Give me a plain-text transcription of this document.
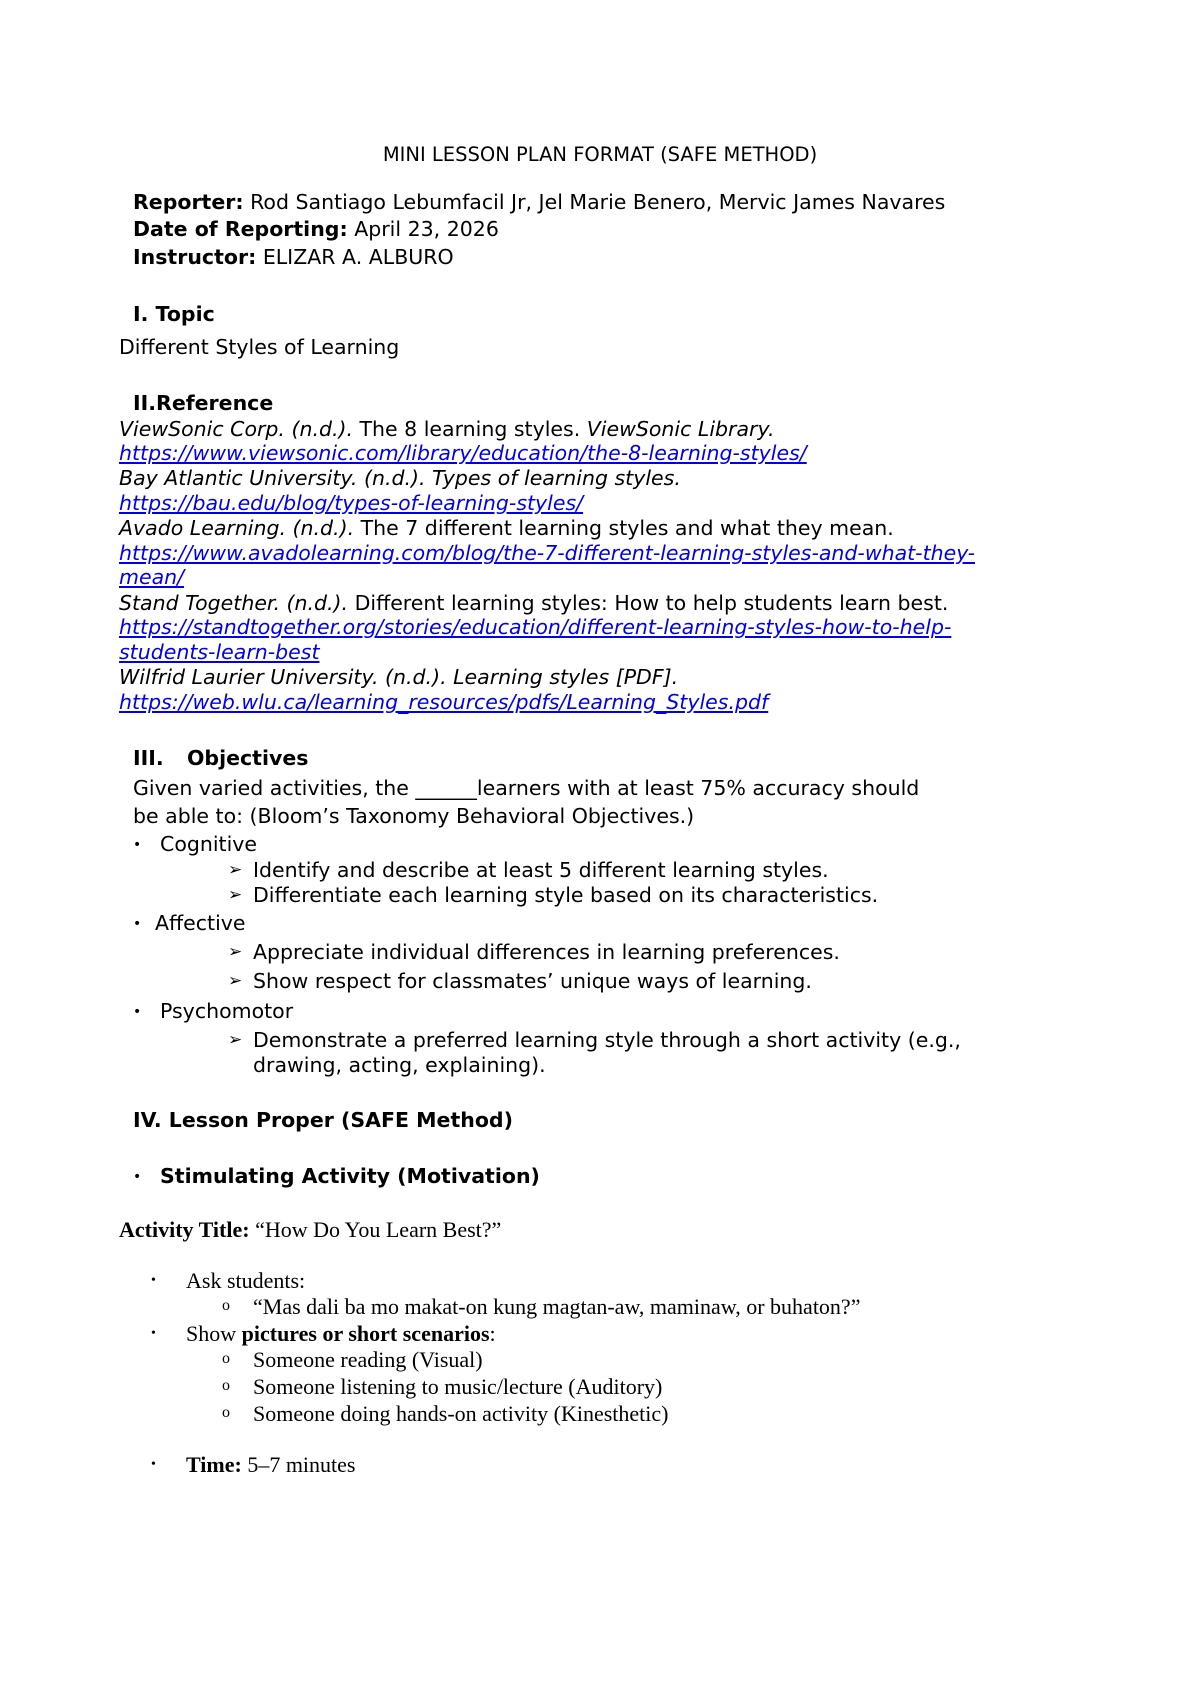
MINI LESSON PLAN FORMAT (SAFE METHOD)
Reporter: Rod Santiago Lebumfacil Jr, Jel Marie Benero, Mervic James Navares
Date of Reporting: April 23, 2026
Instructor: ELIZAR A. ALBURO
I. Topic
Different Styles of Learning
II.Reference
ViewSonic Corp. (n.d.). The 8 learning styles. ViewSonic Library.
https://www.viewsonic.com/library/education/the-8-learning-styles/
Bay Atlantic University. (n.d.). Types of learning styles.
https://bau.edu/blog/types-of-learning-styles/
Avado Learning. (n.d.). The 7 different learning styles and what they mean.
https://www.avadolearning.com/blog/the-7-different-learning-styles-and-what-they-
mean/
Stand Together. (n.d.). Different learning styles: How to help students learn best.
https://standtogether.org/stories/education/different-learning-styles-how-to-help-
students-learn-best
Wilfrid Laurier University. (n.d.). Learning styles [PDF].
https://web.wlu.ca/learning_resources/pdfs/Learning_Styles.pdf
III. Objectives
Given varied activities, the ______learners with at least 75% accuracy should
be able to: (Bloom’s Taxonomy Behavioral Objectives.)
• Cognitive
➢ Identify and describe at least 5 different learning styles.
➢ Differentiate each learning style based on its characteristics.
• Affective
➢ Appreciate individual differences in learning preferences.
➢ Show respect for classmates’ unique ways of learning.
• Psychomotor
➢ Demonstrate a preferred learning style through a short activity (e.g.,
drawing, acting, explaining).
IV. Lesson Proper (SAFE Method)
• Stimulating Activity (Motivation)
Activity Title: “How Do You Learn Best?”
• Ask students:
o “Mas dali ba mo makat-on kung magtan-aw, maminaw, or buhaton?”
• Show pictures or short scenarios:
o Someone reading (Visual)
o Someone listening to music/lecture (Auditory)
o Someone doing hands-on activity (Kinesthetic)
• Time: 5–7 minutes
